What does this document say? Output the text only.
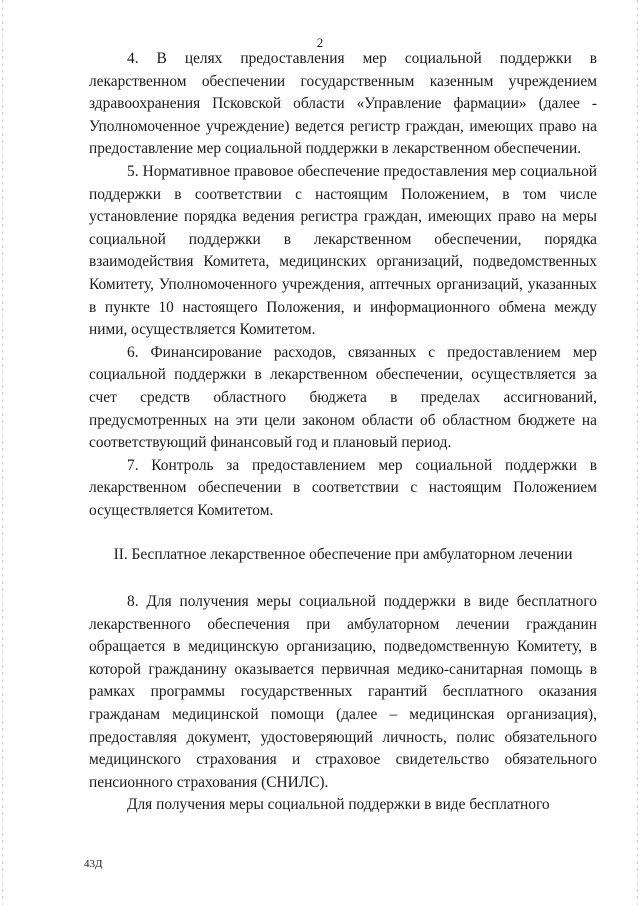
2

4. В целях предоставления мер социальной поддержки в лекарственном обеспечении государственным казенным учреждением здравоохранения Псковской области «Управление фармации» (далее - Уполномоченное учреждение) ведется регистр граждан, имеющих право на предоставление мер социальной поддержки в лекарственном обеспечении.

5. Нормативное правовое обеспечение предоставления мер социальной поддержки в соответствии с настоящим Положением, в том числе установление порядка ведения регистра граждан, имеющих право на меры социальной поддержки в лекарственном обеспечении, порядка взаимодействия Комитета, медицинских организаций, подведомственных Комитету, Уполномоченного учреждения, аптечных организаций, указанных в пункте 10 настоящего Положения, и информационного обмена между ними, осуществляется Комитетом.

6. Финансирование расходов, связанных с предоставлением мер социальной поддержки в лекарственном обеспечении, осуществляется за счет средств областного бюджета в пределах ассигнований, предусмотренных на эти цели законом области об областном бюджете на соответствующий финансовый год и плановый период.

7. Контроль за предоставлением мер социальной поддержки в лекарственном обеспечении в соответствии с настоящим Положением осуществляется Комитетом.

II. Бесплатное лекарственное обеспечение при амбулаторном лечении

8. Для получения меры социальной поддержки в виде бесплатного лекарственного обеспечения при амбулаторном лечении гражданин обращается в медицинскую организацию, подведомственную Комитету, в которой гражданину оказывается первичная медико-санитарная помощь в рамках программы государственных гарантий бесплатного оказания гражданам медицинской помощи (далее – медицинская организация), предоставляя документ, удостоверяющий личность, полис обязательного медицинского страхования и страховое свидетельство обязательного пенсионного страхования (СНИЛС).

Для получения меры социальной поддержки в виде бесплатного

43Д
